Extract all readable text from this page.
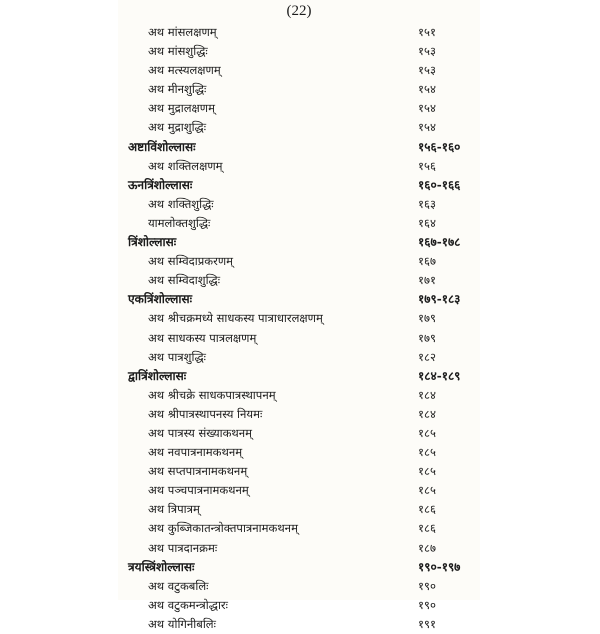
(22)
अथ मांसलक्षणम्	१५१
अथ मांसशुद्धिः	१५३
अथ मत्स्यलक्षणम्	१५३
अथ मीनशुद्धिः	१५४
अथ मुद्रालक्षणम्	१५४
अथ मुद्राशुद्धिः	१५४
अष्टाविंशोल्लासः	१५६-१६०
अथ शक्तिलक्षणम्	१५६
ऊनत्रिंशोल्लासः	१६०-१६६
अथ शक्तिशुद्धिः	१६३
यामलोक्तशुद्धिः	१६४
त्रिंशोल्लासः	१६७-१७८
अथ सम्विदाप्रकरणम्	१६७
अथ सम्विदाशुद्धिः	१७१
एकत्रिंशोल्लासः	१७९-१८३
अथ श्रीचक्रमध्ये साधकस्य पात्राधारलक्षणम्	१७९
अथ साधकस्य पात्रलक्षणम्	१७९
अथ पात्रशुद्धिः	१८२
द्वात्रिंशोल्लासः	१८४-१८९
अथ श्रीचक्रे साधकपात्रस्थापनम्	१८४
अथ श्रीपात्रस्थापनस्य नियमः	१८४
अथ पात्रस्य संख्याकथनम्	१८५
अथ नवपात्रनामकथनम्	१८५
अथ सप्तपात्रनामकथनम्	१८५
अथ पञ्चपात्रनामकथनम्	१८५
अथ त्रिपात्रम्	१८६
अथ कुब्जिकातन्त्रोक्तपात्रनामकथनम्	१८६
अथ पात्रदानक्रमः	१८७
त्रयस्त्रिंशोल्लासः	१९०-१९७
अथ वटुकबलिः	१९०
अथ वटुकमन्त्रोद्धारः	१९०
अथ योगिनीबलिः	१९१
